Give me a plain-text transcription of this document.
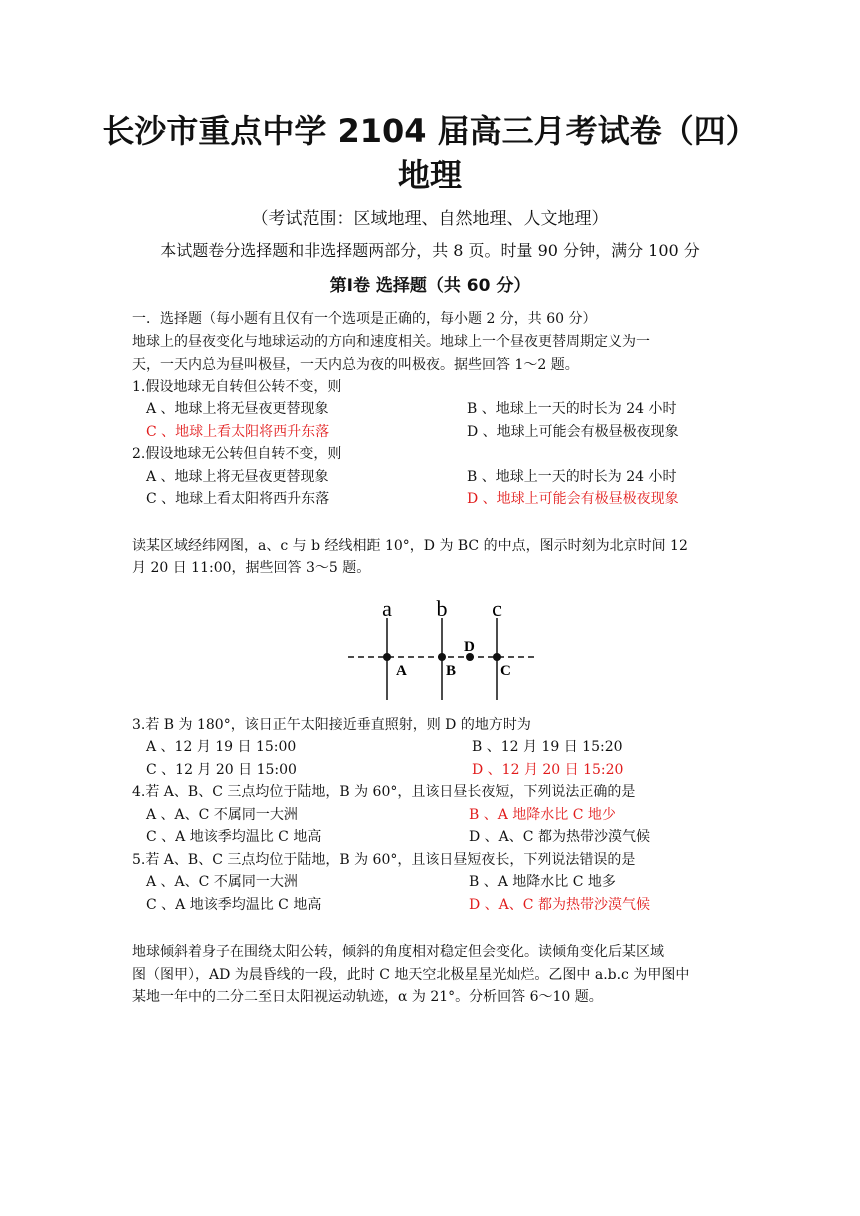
长沙市重点中学 2104 届高三月考试卷（四）
地理
（考试范围：区域地理、自然地理、人文地理）
本试题卷分选择题和非选择题两部分，共 8 页。时量 90 分钟，满分 100 分
第Ⅰ卷 选择题（共 60 分）
一．选择题（每小题有且仅有一个选项是正确的，每小题 2 分，共 60 分）
地球上的昼夜变化与地球运动的方向和速度相关。地球上一个昼夜更替周期定义为一
天，一天内总为昼叫极昼，一天内总为夜的叫极夜。据些回答 1～2 题。
1.假设地球无自转但公转不变，则
A 、地球上将无昼夜更替现象	B 、地球上一天的时长为 24 小时
C 、地球上看太阳将西升东落	D 、地球上可能会有极昼极夜现象
2.假设地球无公转但自转不变，则
A 、地球上将无昼夜更替现象	B 、地球上一天的时长为 24 小时
C 、地球上看太阳将西升东落	D 、地球上可能会有极昼极夜现象
读某区域经纬网图，a、c 与 b 经线相距 10°，D 为 BC 的中点，图示时刻为北京时间 12
月 20 日 11:00，据些回答 3～5 题。
a b c
A	B	C
D
3.若 B 为 180°，该日正午太阳接近垂直照射，则 D 的地方时为
A 、12 月 19 日 15:00	B 、12 月 19 日 15:20
C 、12 月 20 日 15:00	D 、12 月 20 日 15:20
4.若 A、B、C 三点均位于陆地，B 为 60°，且该日昼长夜短，下列说法正确的是
A 、A、C 不属同一大洲	B 、A 地降水比 C 地少
C 、A 地该季均温比 C 地高	D 、A、C 都为热带沙漠气候
5.若 A、B、C 三点均位于陆地，B 为 60°，且该日昼短夜长，下列说法错误的是
A 、A、C 不属同一大洲	B 、A 地降水比 C 地多
C 、A 地该季均温比 C 地高	D 、A、C 都为热带沙漠气候
地球倾斜着身子在围绕太阳公转，倾斜的角度相对稳定但会变化。读倾角变化后某区域
图（图甲），AD 为晨昏线的一段，此时 C 地天空北极星星光灿烂。乙图中 a.b.c 为甲图中
某地一年中的二分二至日太阳视运动轨迹，α 为 21°。分析回答 6～10 题。
